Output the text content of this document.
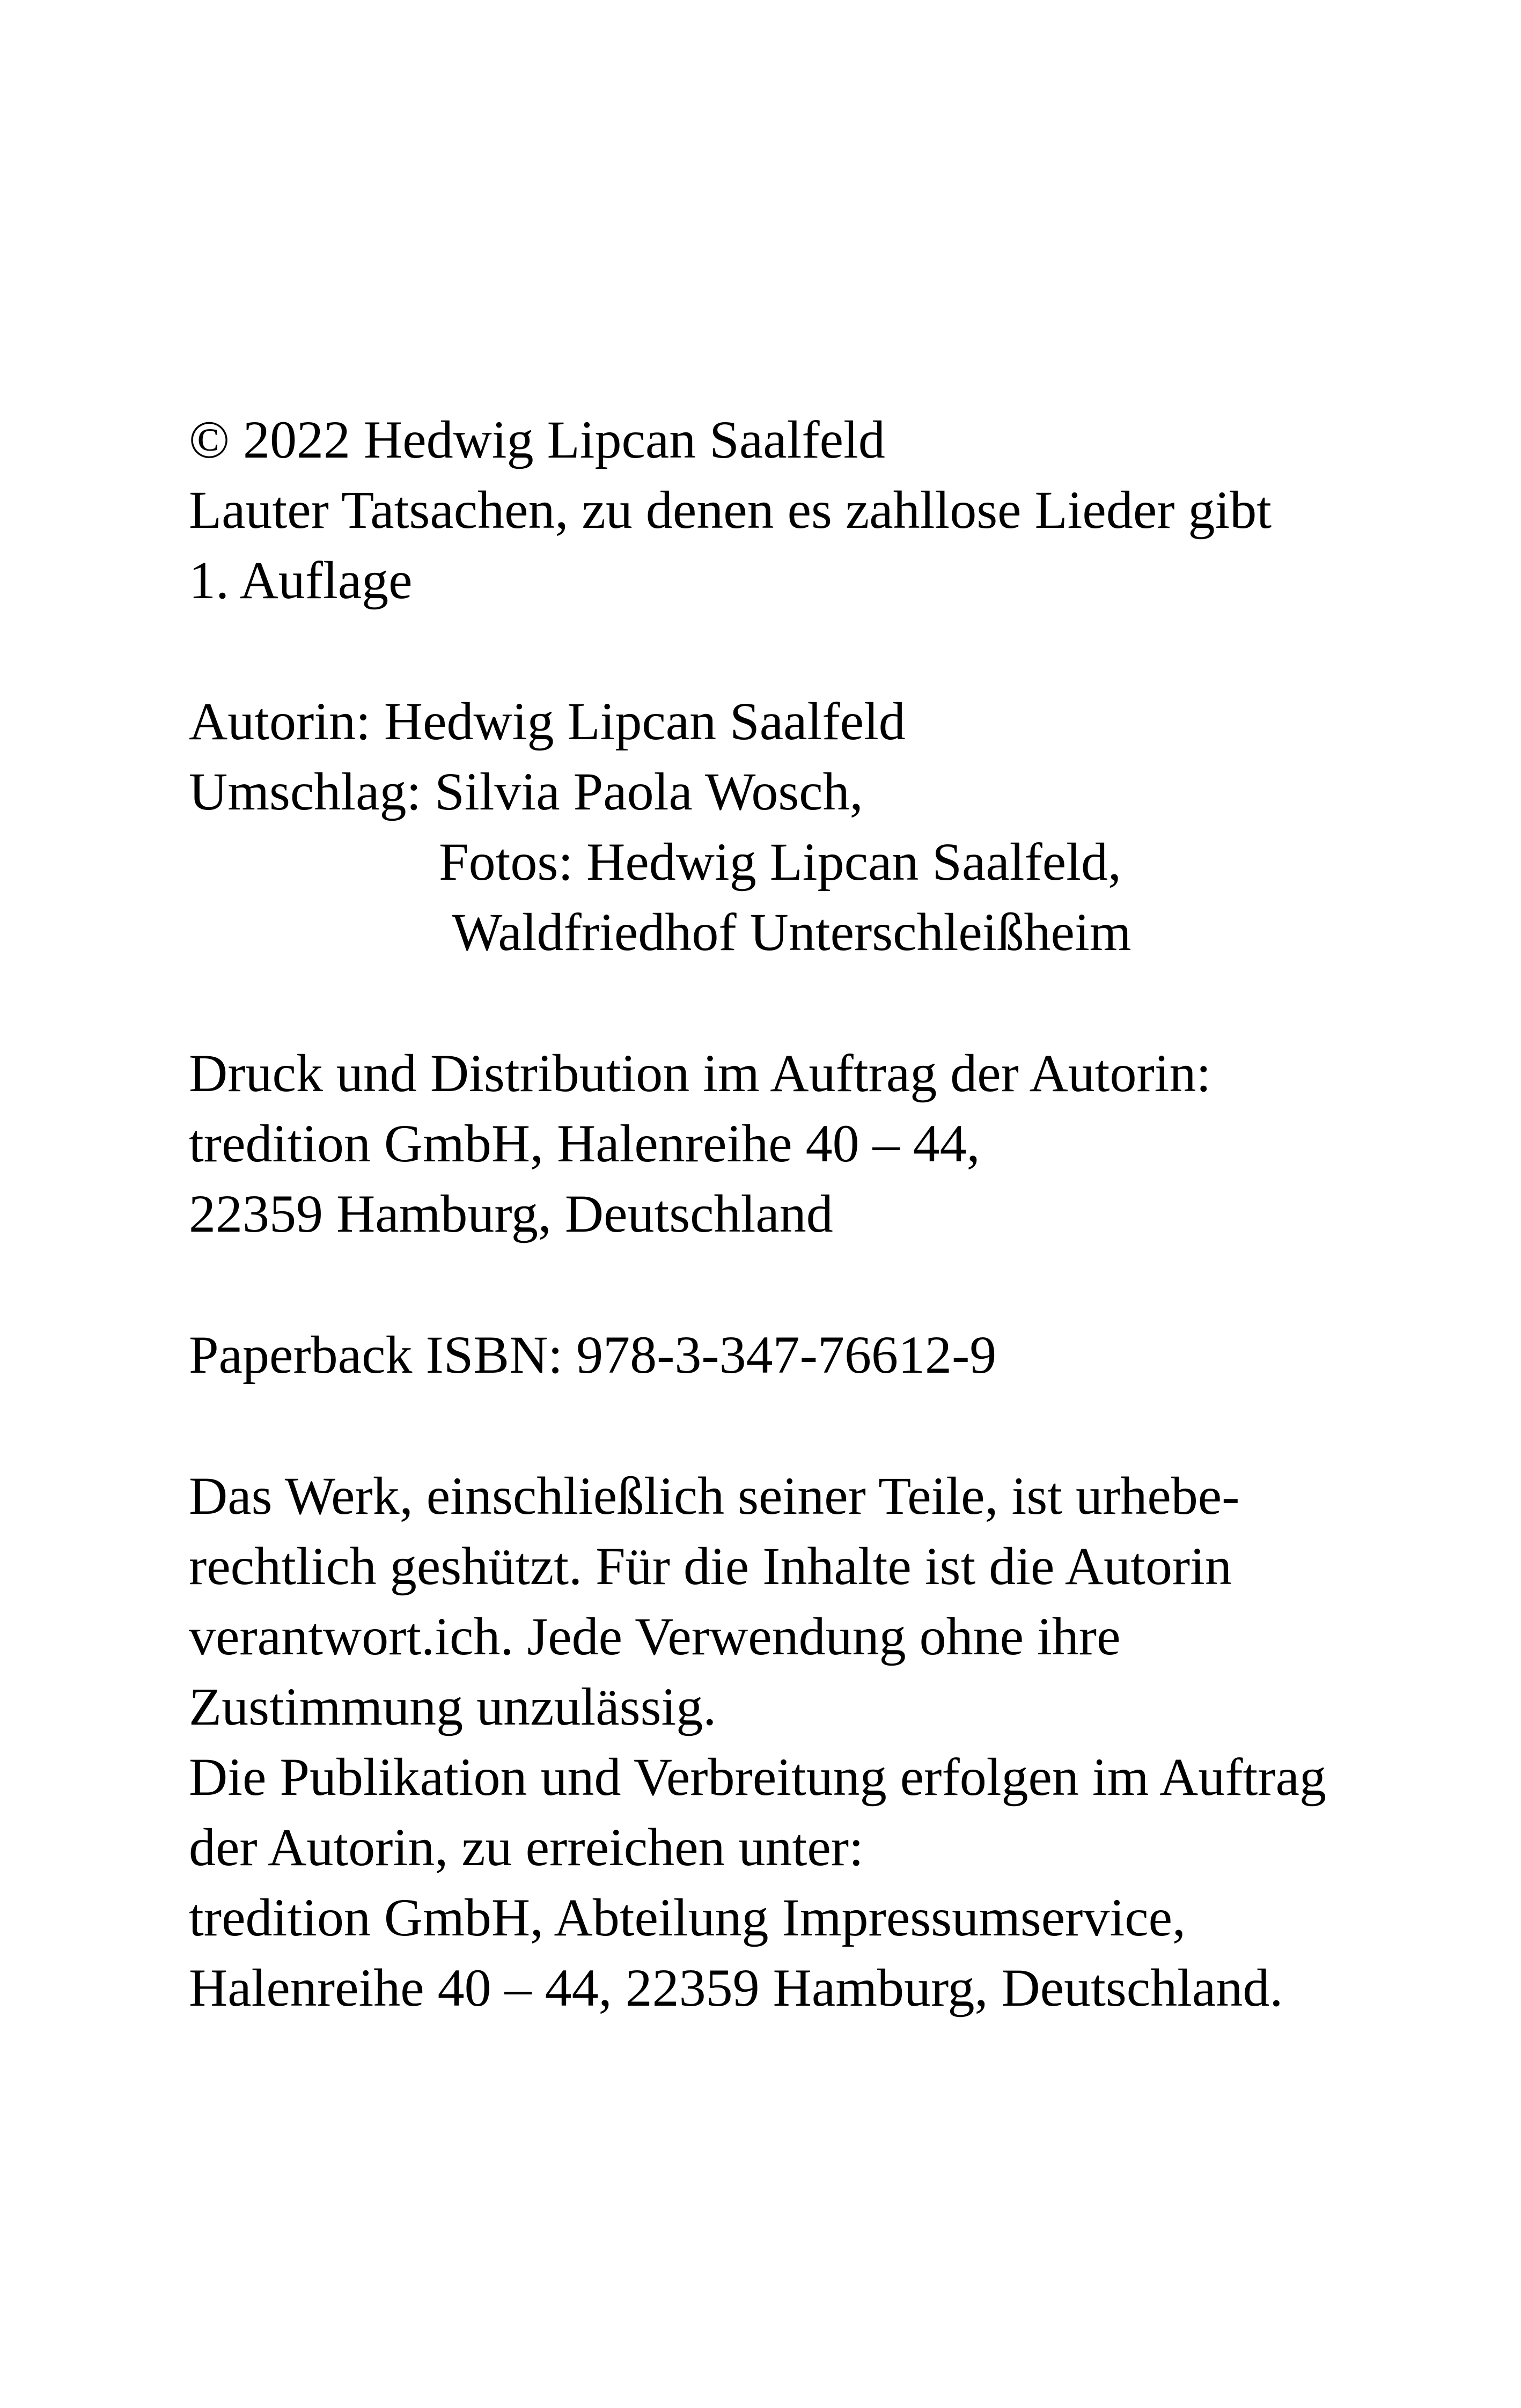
© 2022 Hedwig Lipcan Saalfeld
Lauter Tatsachen, zu denen es zahllose Lieder gibt
1. Auflage
Autorin: Hedwig Lipcan Saalfeld
Umschlag: Silvia Paola Wosch,
Fotos: Hedwig Lipcan Saalfeld,
Waldfriedhof Unterschleißheim
Druck und Distribution im Auftrag der Autorin:
tredition GmbH, Halenreihe 40 – 44,
22359 Hamburg, Deutschland
Paperback ISBN: 978-3-347-76612-9
Das Werk, einschließlich seiner Teile, ist urhebe-
rechtlich geshützt. Für die Inhalte ist die Autorin
verantwort.ich. Jede Verwendung ohne ihre
Zustimmung unzulässig.
Die Publikation und Verbreitung erfolgen im Auftrag
der Autorin, zu erreichen unter:
tredition GmbH, Abteilung Impressumservice,
Halenreihe 40 – 44, 22359 Hamburg, Deutschland.
